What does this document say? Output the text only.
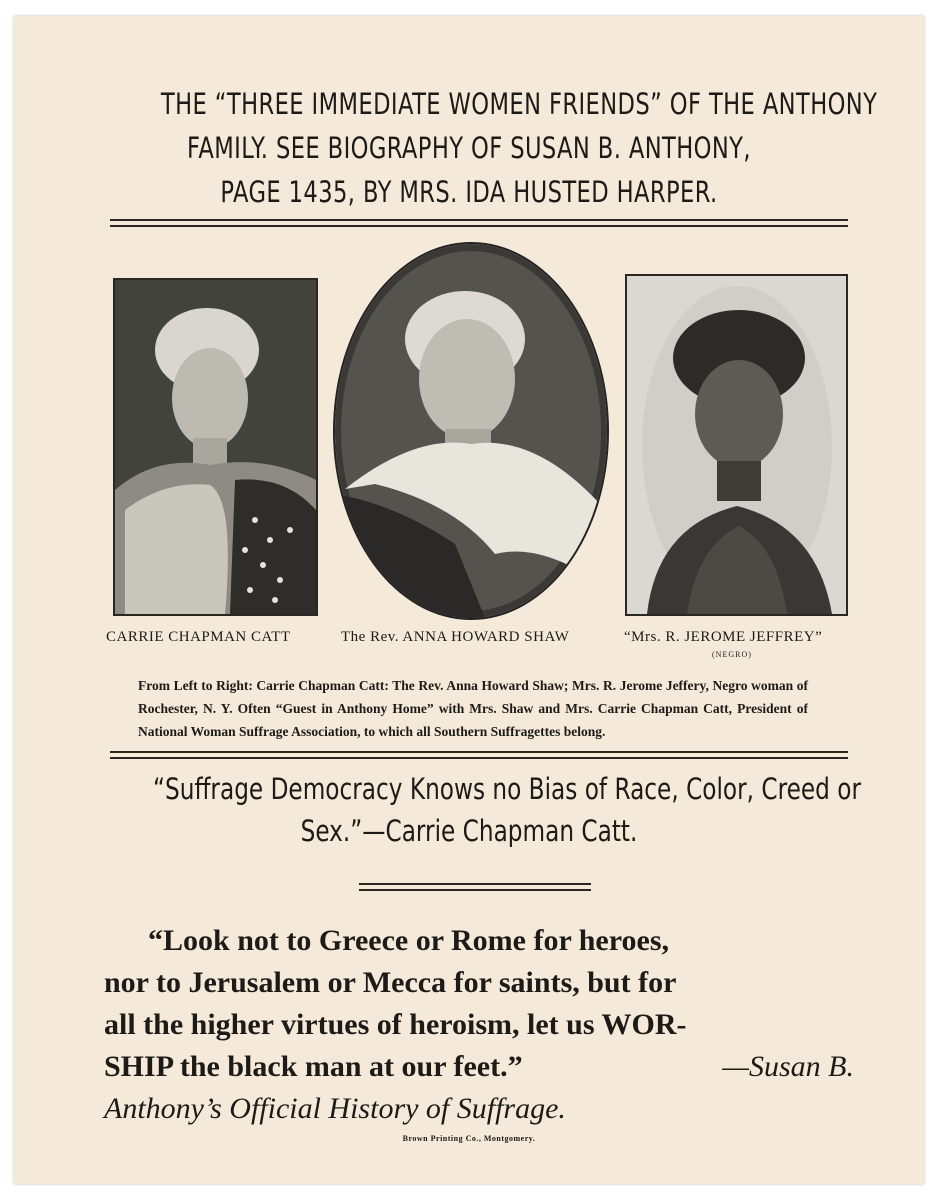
THE “THREE IMMEDIATE WOMEN FRIENDS” OF THE ANTHONY
FAMILY. SEE BIOGRAPHY OF SUSAN B. ANTHONY,
PAGE 1435, BY MRS. IDA HUSTED HARPER.
CARRIE CHAPMAN CATT	The Rev. ANNA HOWARD SHAW	“Mrs. R. JEROME JEFFREY”
(NEGRO)
From Left to Right: Carrie Chapman Catt: The Rev. Anna Howard Shaw; Mrs. R. Jerome Jeffery, Negro woman of Rochester, N. Y. Often “Guest in Anthony Home” with Mrs. Shaw and Mrs. Carrie Chapman Catt, President of National Woman Suffrage Association, to which all Southern Suffragettes belong.
“Suffrage Democracy Knows no Bias of Race, Color, Creed or
Sex.”—Carrie Chapman Catt.
“Look not to Greece or Rome for heroes,
nor to Jerusalem or Mecca for saints, but for
all the higher virtues of heroism, let us WOR-
SHIP the black man at our feet.”	—Susan B.
Anthony’s Official History of Suffrage.
Brown Printing Co., Montgomery.
